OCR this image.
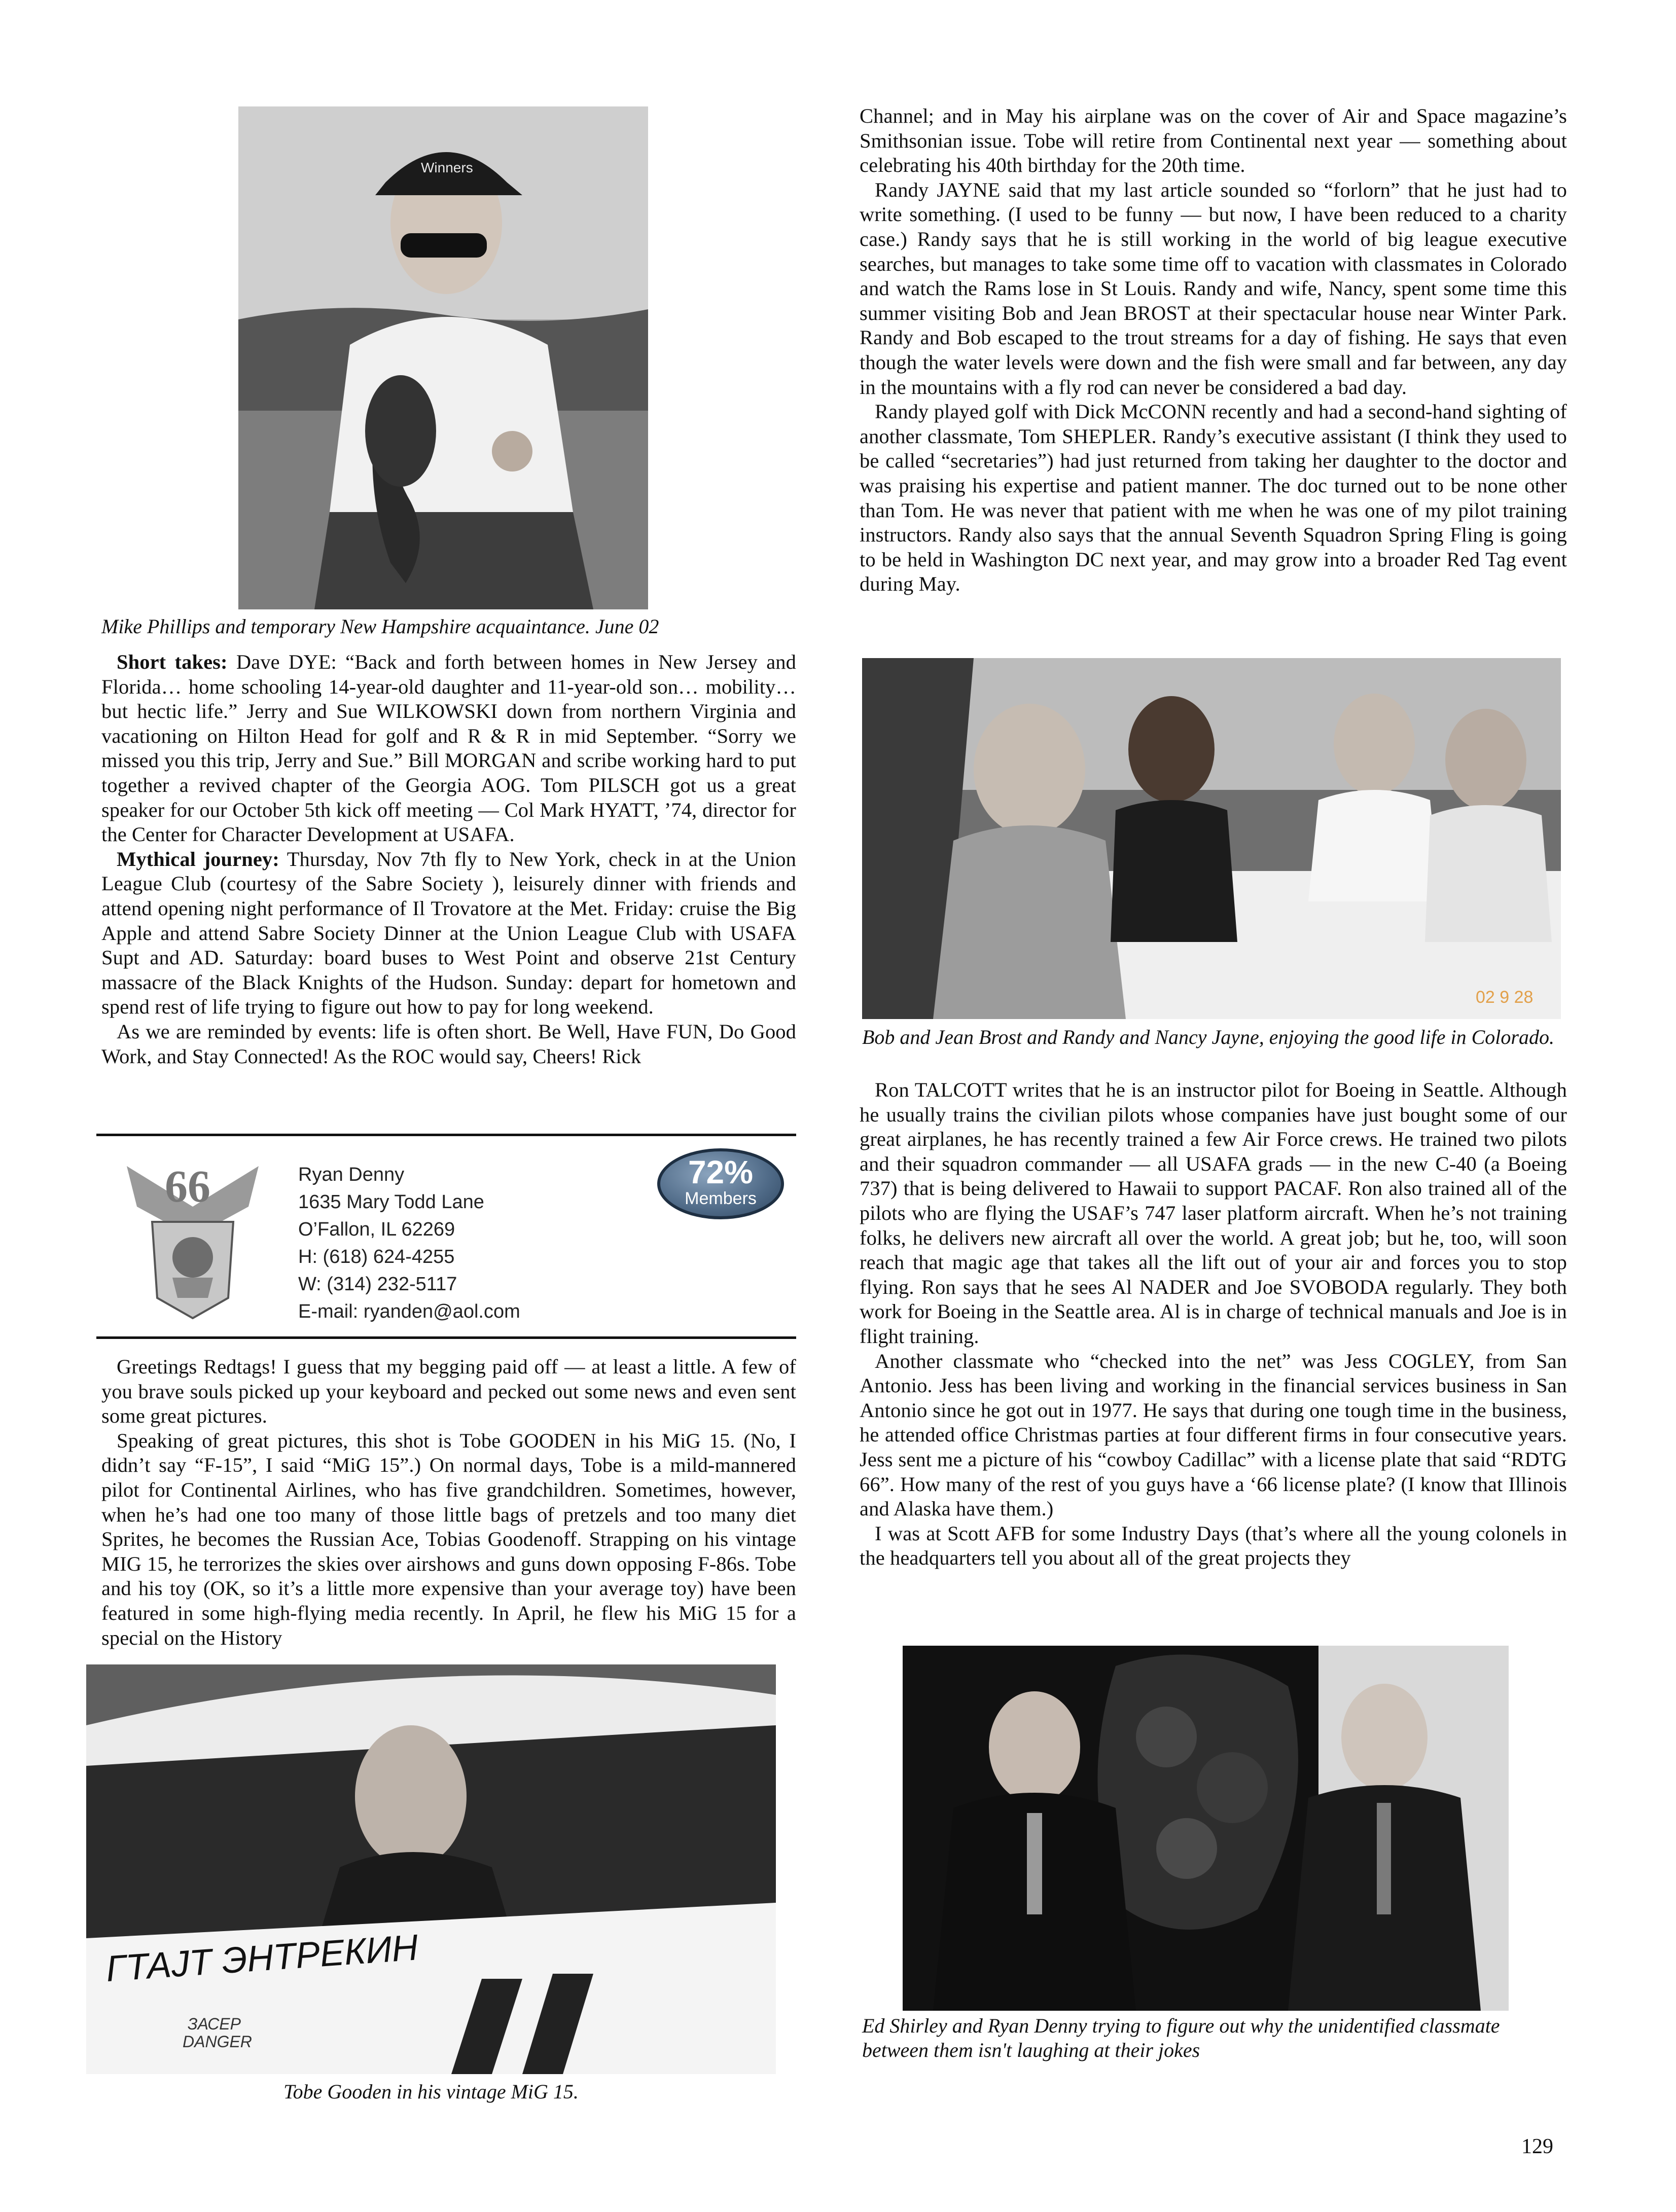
Winners

Mike Phillips and temporary New Hampshire acquaintance. June 02

Short takes: Dave DYE: “Back and forth between homes in New Jersey and Florida… home schooling 14-year-old daughter and 11-year-old son… mobility… but hectic life.” Jerry and Sue WILKOWSKI down from northern Virginia and vacationing on Hilton Head for golf and R & R in mid September. “Sorry we missed you this trip, Jerry and Sue.” Bill MORGAN and scribe working hard to put together a revived chapter of the Georgia AOG. Tom PILSCH got us a great speaker for our October 5th kick off meeting — Col Mark HYATT, ’74, director for the Center for Character Development at USAFA.

Mythical journey: Thursday, Nov 7th fly to New York, check in at the Union League Club (courtesy of the Sabre Society ), leisurely dinner with friends and attend opening night performance of Il Trovatore at the Met. Friday: cruise the Big Apple and attend Sabre Society Dinner at the Union League Club with USAFA Supt and AD. Saturday: board buses to West Point and observe 21st Century massacre of the Black Knights of the Hudson. Sunday: depart for hometown and spend rest of life trying to figure out how to pay for long weekend.

As we are reminded by events: life is often short. Be Well, Have FUN, Do Good Work, and Stay Connected! As the ROC would say, Cheers! Rick

66	Ryan Denny
1635 Mary Todd Lane
O’Fallon, IL 62269
H: (618) 624-4255
W: (314) 232-5117
E-mail: ryanden@aol.com
72%
Members

Greetings Redtags! I guess that my begging paid off — at least a little. A few of you brave souls picked up your keyboard and pecked out some news and even sent some great pictures.

Speaking of great pictures, this shot is Tobe GOODEN in his MiG 15. (No, I didn’t say “F-15”, I said “MiG 15”.) On normal days, Tobe is a mild-mannered pilot for Continental Airlines, who has five grandchildren. Sometimes, however, when he’s had one too many of those little bags of pretzels and too many diet Sprites, he becomes the Russian Ace, Tobias Goodenoff. Strapping on his vintage MIG 15, he terrorizes the skies over airshows and guns down opposing F-86s. Tobe and his toy (OK, so it’s a little more expensive than your average toy) have been featured in some high-flying media recently. In April, he flew his MiG 15 for a special on the History

ГТАЈТ ЭНТРЕКИН
ЗАСЕР
DANGER

Tobe Gooden in his vintage MiG 15.

Channel; and in May his airplane was on the cover of Air and Space magazine’s Smithsonian issue. Tobe will retire from Continental next year — something about celebrating his 40th birthday for the 20th time.

Randy JAYNE said that my last article sounded so “forlorn” that he just had to write something. (I used to be funny — but now, I have been reduced to a charity case.) Randy says that he is still working in the world of big league executive searches, but manages to take some time off to vacation with classmates in Colorado and watch the Rams lose in St Louis. Randy and wife, Nancy, spent some time this summer visiting Bob and Jean BROST at their spectacular house near Winter Park. Randy and Bob escaped to the trout streams for a day of fishing. He says that even though the water levels were down and the fish were small and far between, any day in the mountains with a fly rod can never be considered a bad day.

Randy played golf with Dick McCONN recently and had a second-hand sighting of another classmate, Tom SHEPLER. Randy’s executive assistant (I think they used to be called “secretaries”) had just returned from taking her daughter to the doctor and was praising his expertise and patient manner. The doc turned out to be none other than Tom. He was never that patient with me when he was one of my pilot training instructors. Randy also says that the annual Seventh Squadron Spring Fling is going to be held in Washington DC next year, and may grow into a broader Red Tag event during May.

02 9 28

Bob and Jean Brost and Randy and Nancy Jayne, enjoying the good life in Colorado.

Ron TALCOTT writes that he is an instructor pilot for Boeing in Seattle. Although he usually trains the civilian pilots whose companies have just bought some of our great airplanes, he has recently trained a few Air Force crews. He trained two pilots and their squadron commander — all USAFA grads — in the new C-40 (a Boeing 737) that is being delivered to Hawaii to support PACAF. Ron also trained all of the pilots who are flying the USAF’s 747 laser platform aircraft. When he’s not training folks, he delivers new aircraft all over the world. A great job; but he, too, will soon reach that magic age that takes all the lift out of your air and forces you to stop flying. Ron says that he sees Al NADER and Joe SVOBODA regularly. They both work for Boeing in the Seattle area. Al is in charge of technical manuals and Joe is in flight training.

Another classmate who “checked into the net” was Jess COGLEY, from San Antonio. Jess has been living and working in the financial services business in San Antonio since he got out in 1977. He says that during one tough time in the business, he attended office Christmas parties at four different firms in four consecutive years. Jess sent me a picture of his “cowboy Cadillac” with a license plate that said “RDTG 66”. How many of the rest of you guys have a ‘66 license plate? (I know that Illinois and Alaska have them.)

I was at Scott AFB for some Industry Days (that’s where all the young colonels in the headquarters tell you about all of the great projects they

Ed Shirley and Ryan Denny trying to figure out why the unidentified classmate between them isn't laughing at their jokes

129
